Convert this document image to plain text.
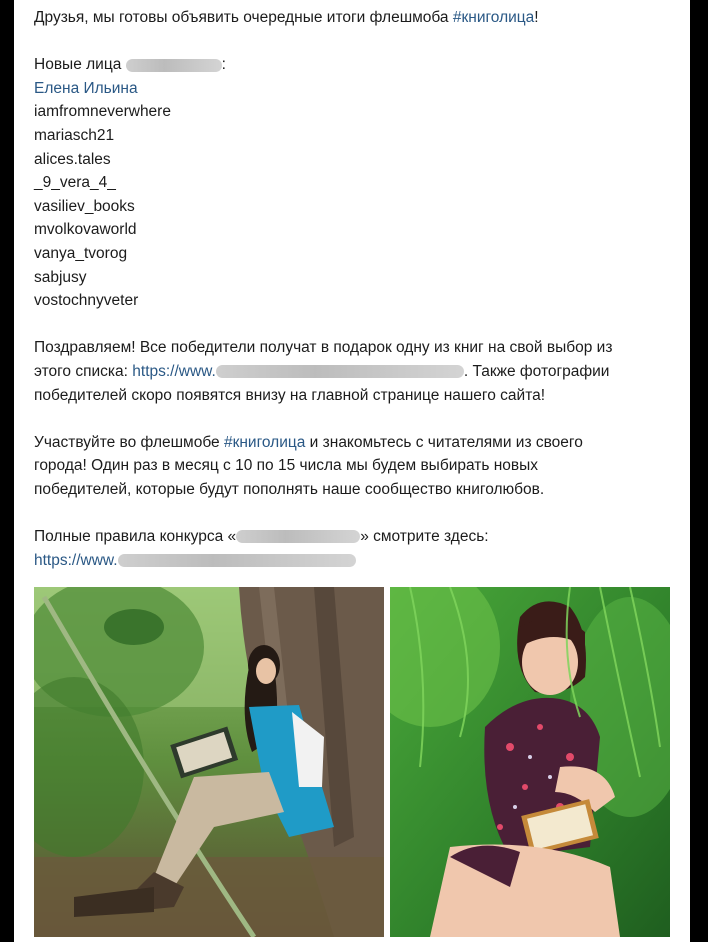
Друзья, мы готовы объявить очередные итоги флешмоба #книголица!
Новые лица	:
Елена Ильина
iamfromneverwhere
mariasch21
alices.tales
_9_vera_4_
vasiliev_books
mvolkovaworld
vanya_tvorog
sabjusy
vostochnyveter
Поздравляем! Все победители получат в подарок одну из книг на свой выбор из
этого списка: https://www.	. Также фотографии
победителей скоро появятся внизу на главной странице нашего сайта!
Участвуйте во флешмобе #книголица и знакомьтесь с читателями из своего
города! Один раз в месяц с 10 по 15 числа мы будем выбирать новых
победителей, которые будут пополнять наше сообщество книголюбов.
Полные правила конкурса «	» смотрите здесь:
https://www.
